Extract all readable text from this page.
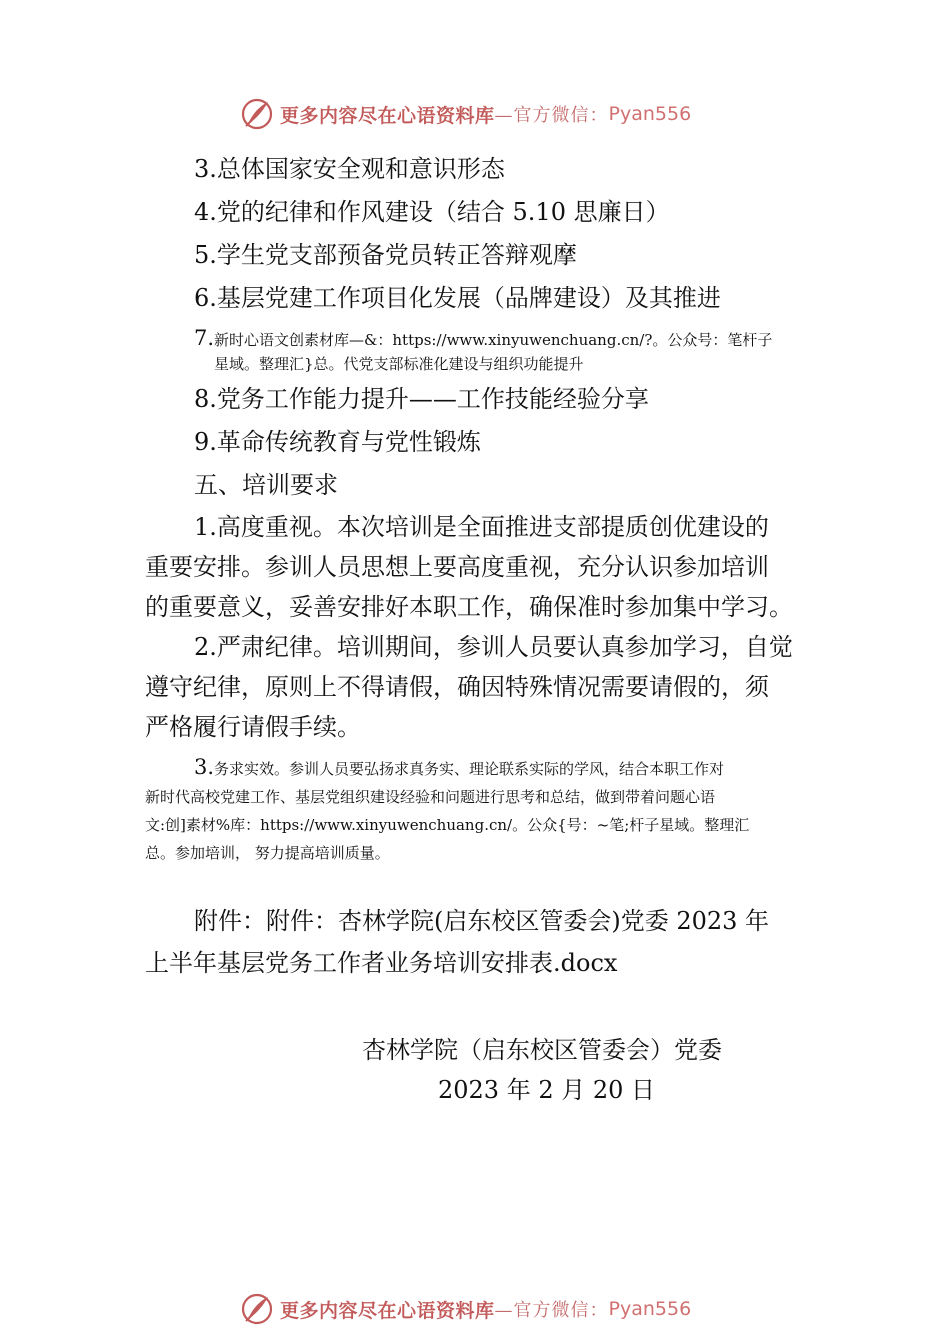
更多内容尽在心语资料库 —官方微信： Pyan556
3.总体国家安全观和意识形态
4.党的纪律和作风建设（结合 5.10 思廉日）
5.学生党支部预备党员转正答辩观摩
6.基层党建工作项目化发展（品牌建设）及其推进
7.新时心语文创素材库—&：https://www.xinyuwenchuang.cn/?。公众号：笔杆子
星域。整理汇}总。代党支部标准化建设与组织功能提升
8.党务工作能力提升——工作技能经验分享
9.革命传统教育与党性锻炼
五、培训要求
1.高度重视。本次培训是全面推进支部提质创优建设的
重要安排。参训人员思想上要高度重视，充分认识参加培训
的重要意义，妥善安排好本职工作，确保准时参加集中学习。
2.严肃纪律。培训期间，参训人员要认真参加学习，自觉
遵守纪律，原则上不得请假，确因特殊情况需要请假的，须
严格履行请假手续。
3.务求实效。参训人员要弘扬求真务实、理论联系实际的学风，结合本职工作对
新时代高校党建工作、基层党组织建设经验和问题进行思考和总结，做到带着问题心语
文:创]素材%库：https://www.xinyuwenchuang.cn/。公众{号：~笔;杆子星域。整理汇
总。参加培训， 努力提高培训质量。
附件：附件：杏林学院(启东校区管委会)党委 2023 年
上半年基层党务工作者业务培训安排表.docx
杏林学院（启东校区管委会）党委
2023 年 2 月 20 日
更多内容尽在心语资料库 —官方微信： Pyan556
